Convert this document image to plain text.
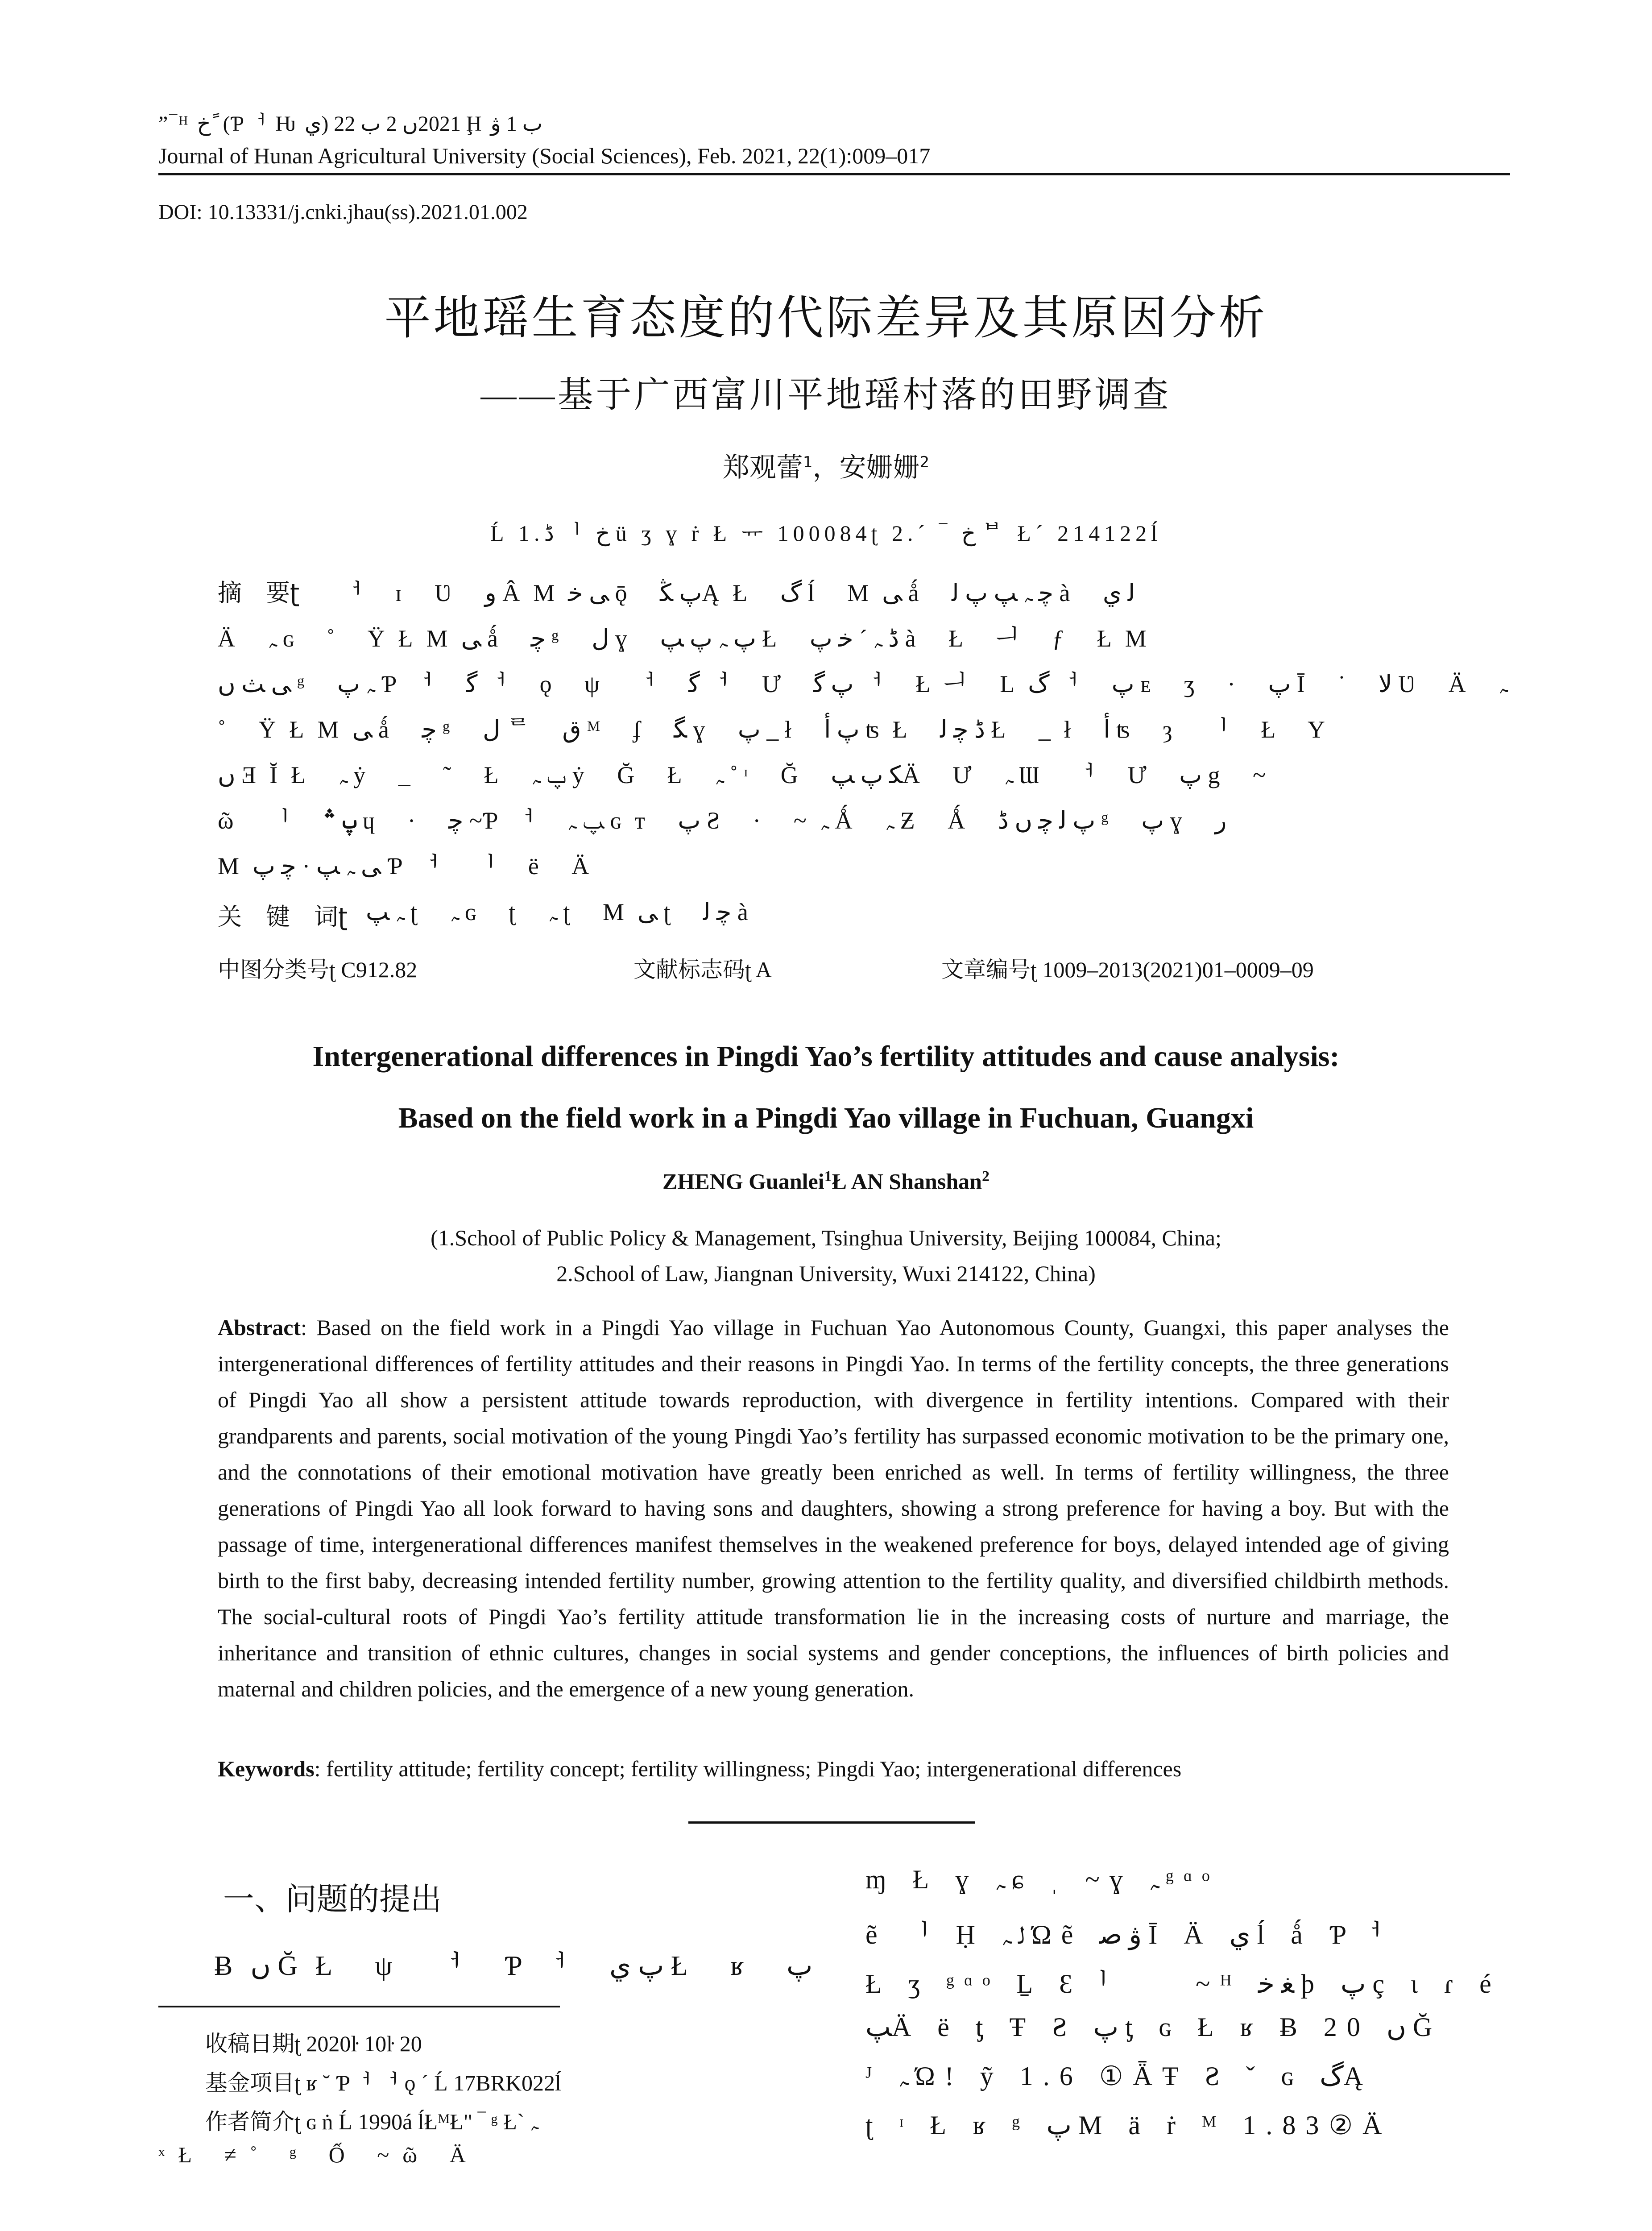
”‾ᴴ خ ً (Ƥᅥ Ƕ ي) 2021ں 2 ب 22 Ḩ ب 1 ۋ
Journal of Hunan Agricultural University (Social Sciences), Feb. 2021, 22(1):009–017
DOI: 10.13331/j.cnki.jhau(ss).2021.01.002
平地瑶生育态度的代际差异及其原因分析
——基于广西富川平地瑶村落的田野调查
郑观蕾$^1$，安姗姗$^2$
Ĺ 1.ڈ ᅵ خ ü ʒ ɣ ṙ Ł ᅲ 100084ʈ 2.ˊ ‾ خ ᄇ Łˊ 214122ĺ
摘　要ʈ ᅥ ɪ Ʋ ﻭ ÂMﻰ ﺧ ǭ پ ﯖĄŁ ﮒ ĺ Mﻰ ǻ ﭼ ﮧ ﭗ پ ﻟ à ﻟ ي
Ä ﮧ ɢ ˚ ŸŁMﻰ ǻ ﭼ ᵍ ﻝ ɣ ﭖ ﮧ پ ﭗ Ł ﮈ ﮧ ˊ ﺧ پ à Ł ᅴ ƒ ŁM
ﻰ ﺚ ں ᵍ ﮧ پ Ƥᅥ ﮔ ᅥ ǫ ψ ᅥ ﮔ ᅥ Ư پ ﮔ ᅥ Łᅴ Lﮒ ᅥ پ ᴇ ʒ · پ Ῑ ˙ ﻻ Ʋ Ä ﮧ
˚ ŸŁMﻰ ǻ ﭼ ᵍ ﻝ ᄅ ﻕ ᴹ ʄ ﮕ ɣ ﭖ _ ł پ ﺃ ʦŁ ﮈ ﭼ ﻟ Ł _ł ﺃ ʦ ȝ ᅵ Ł Y
ں ƎĬŁ ﮧ ẏ _ ˜ Ł ﭖ ﮧ ẏ Ğ Ł ﮧ ˚ ᶦ Ğ ﮑ پ ﭗÄ Ư ﮧ Ɯ ᅥ Ư پ g ~
ῶ ᅵ پ ؞ ɥ · ﭼ ~Ƥᅥ ﭗ ﮧ ɢᴛ پ Ƨ · ~ﮧ Ǻ ﮧ Ƶ Ǻ پ ﻟ ﭼ ں ﮈ ᵍ پ ɣ ﺭ
Mﻰ ﮧ ﭗ · ﭼ پ Ƥᅥ ᅵ ë Ä
关　键　词ʈ ﮧ ﭗ ʈ ﮧ ɢ ʈ ﮧ ʈ Mﻰ ʈ ﭼ ﻟ à
中图分类号ʈ C912.82	文献标志码ʈ A	文章编号ʈ 1009–2013(2021)01–0009–09
Intergenerational differences in Pingdi Yao’s fertility attitudes and cause analysis:
Based on the field work in a Pingdi Yao village in Fuchuan, Guangxi
ZHENG Guanlei$^1$Ł AN Shanshan$^2$
(1.School of Public Policy & Management, Tsinghua University, Beijing 100084, China;
2.School of Law, Jiangnan University, Wuxi 214122, China)
Abstract: Based on the field work in a Pingdi Yao village in Fuchuan Yao Autonomous County, Guangxi, this paper analyses the intergenerational differences of fertility attitudes and their reasons in Pingdi Yao. In terms of the fertility concepts, the three generations of Pingdi Yao all show a persistent attitude towards reproduction, with divergence in fertility intentions. Compared with their grandparents and parents, social motivation of the young Pingdi Yao’s fertility has surpassed economic motivation to be the primary one, and the connotations of their emotional motivation have greatly been enriched as well. In terms of fertility willingness, the three generations of Pingdi Yao all look forward to having sons and daughters, showing a strong preference for having a boy. But with the passage of time, intergenerational differences manifest themselves in the weakened preference for boys, delayed intended age of giving birth to the first baby, decreasing intended fertility number, growing attention to the fertility quality, and diversified childbirth methods. The social-cultural roots of Pingdi Yao’s fertility attitude transformation lie in the increasing costs of nurture and marriage, the inheritance and transition of ethnic cultures, changes in social systems and gender conceptions, the influences of birth policies and maternal and children policies, and the emergence of a new young generation.
Keywords: fertility attitude; fertility concept; fertility willingness; Pingdi Yao; intergenerational differences
一、问题的提出
Ƀں ĞŁ ψ ᅥ Ƥᅥ پ ي Ł ʁ پ
收稿日期ʈ 2020ŀ 10ŀ 20
基金项目ʈ ʁ ˘ Ƥᅥ ᅥ ǫ ˊ Ĺ 17BRK022ĺ
作者简介ʈ ɢ ṅ Ĺ 1990á ĺŁᴹŁ" ‾ ᵍ Ł` ﮧ
ˣŁ ≠˚ ᵍ Ố ~ῶ Ä
ɱ Ł ɣ ﮧ ɕ ˌ ~ɣ ﮧ ᵍᵅᵒ
ẽ ᅵ Ḥ ﻟ ﮧ Ώẽ ۋ ﺻ Ῑ Ä ي ĺ ǻ Ƥᅥ
Ł ʒ ᵍᵅᵒ Ḻ Ɛᅵᅠᅠᅠ~ᴴ ﻐ ﺧ ϸ پ ç ɩ ɾ é
ﭗÄ ë ƫ Ŧ Ƨ پ ƫ ɢ Ł ʁ Ƀ 20 ں Ğ
ᴶ ﮧ Ώ! ỹ 1.6 ①ǞŦ Ƨ ˇ ɢ ﮒĄ
ʈ ᶦ Ł ʁ ᵍ پ M ä ṙ ᴹ 1.83②Ä
